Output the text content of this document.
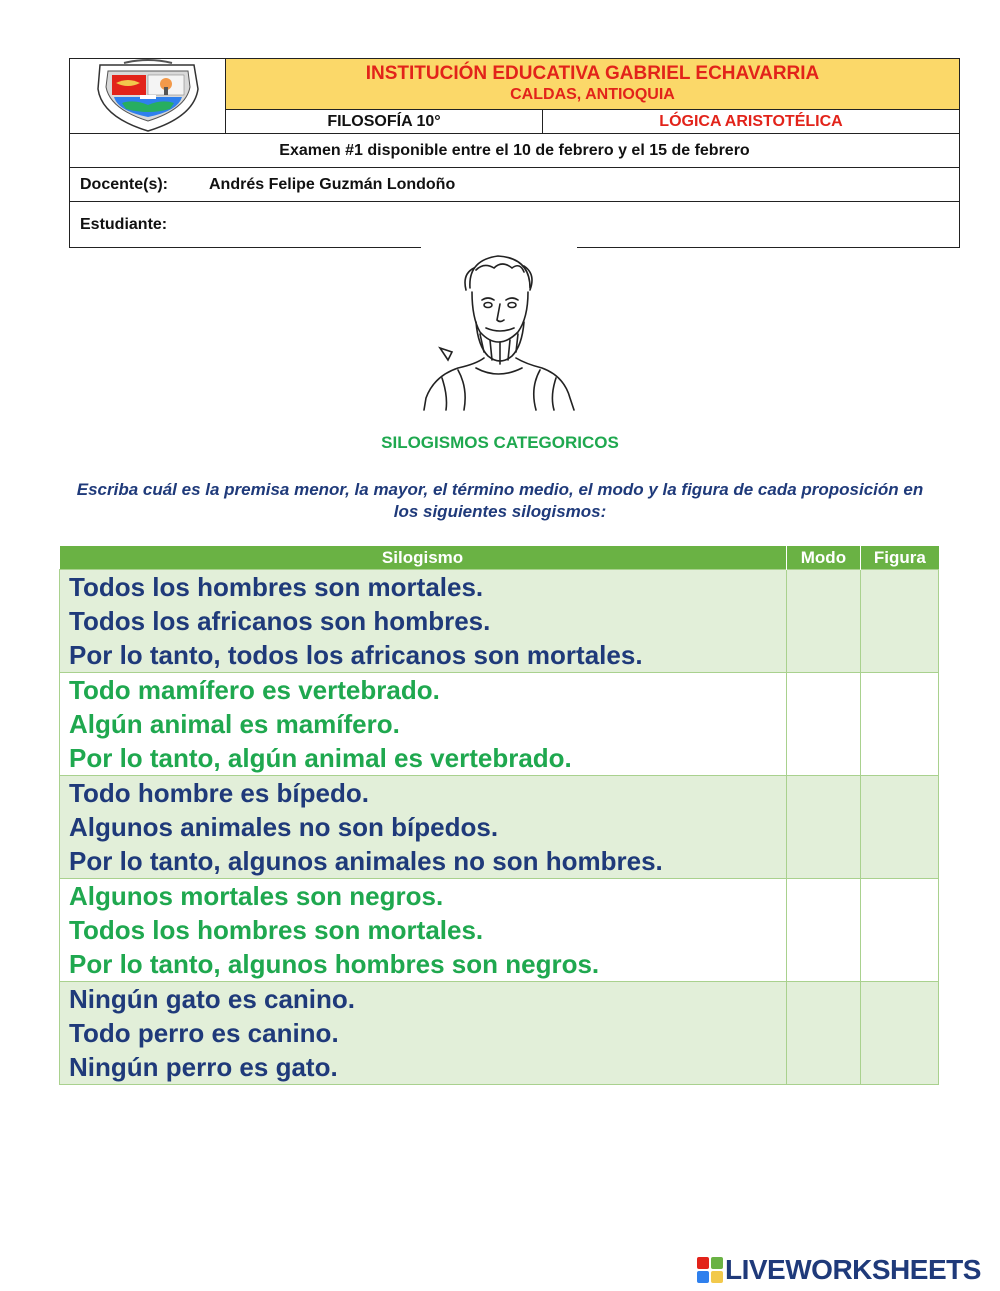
INSTITUCIÓN EDUCATIVA GABRIEL ECHAVARRIA
CALDAS, ANTIOQUIA
FILOSOFÍA 10°	LÓGICA ARISTOTÉLICA
Examen #1 disponible entre el 10 de febrero y el 15 de febrero
Docente(s):	Andrés Felipe Guzmán Londoño
Estudiante:
SILOGISMOS CATEGORICOS
Escriba cuál es la premisa menor, la mayor, el término medio, el modo y la figura de cada proposición en los siguientes silogismos:
Silogismo	Modo	Figura

Todos los hombres son mortales.
Todos los africanos son hombres.
Por lo tanto, todos los africanos son mortales.		

Todo mamífero es vertebrado.
Algún animal es mamífero.
Por lo tanto, algún animal es vertebrado.		

Todo hombre es bípedo.
Algunos animales no son bípedos.
Por lo tanto, algunos animales no son hombres.		

Algunos mortales son negros.
Todos los hombres son mortales.
Por lo tanto, algunos hombres son negros.		

Ningún gato es canino.
Todo perro es canino.
Ningún perro es gato.		

LIVEWORKSHEETS
